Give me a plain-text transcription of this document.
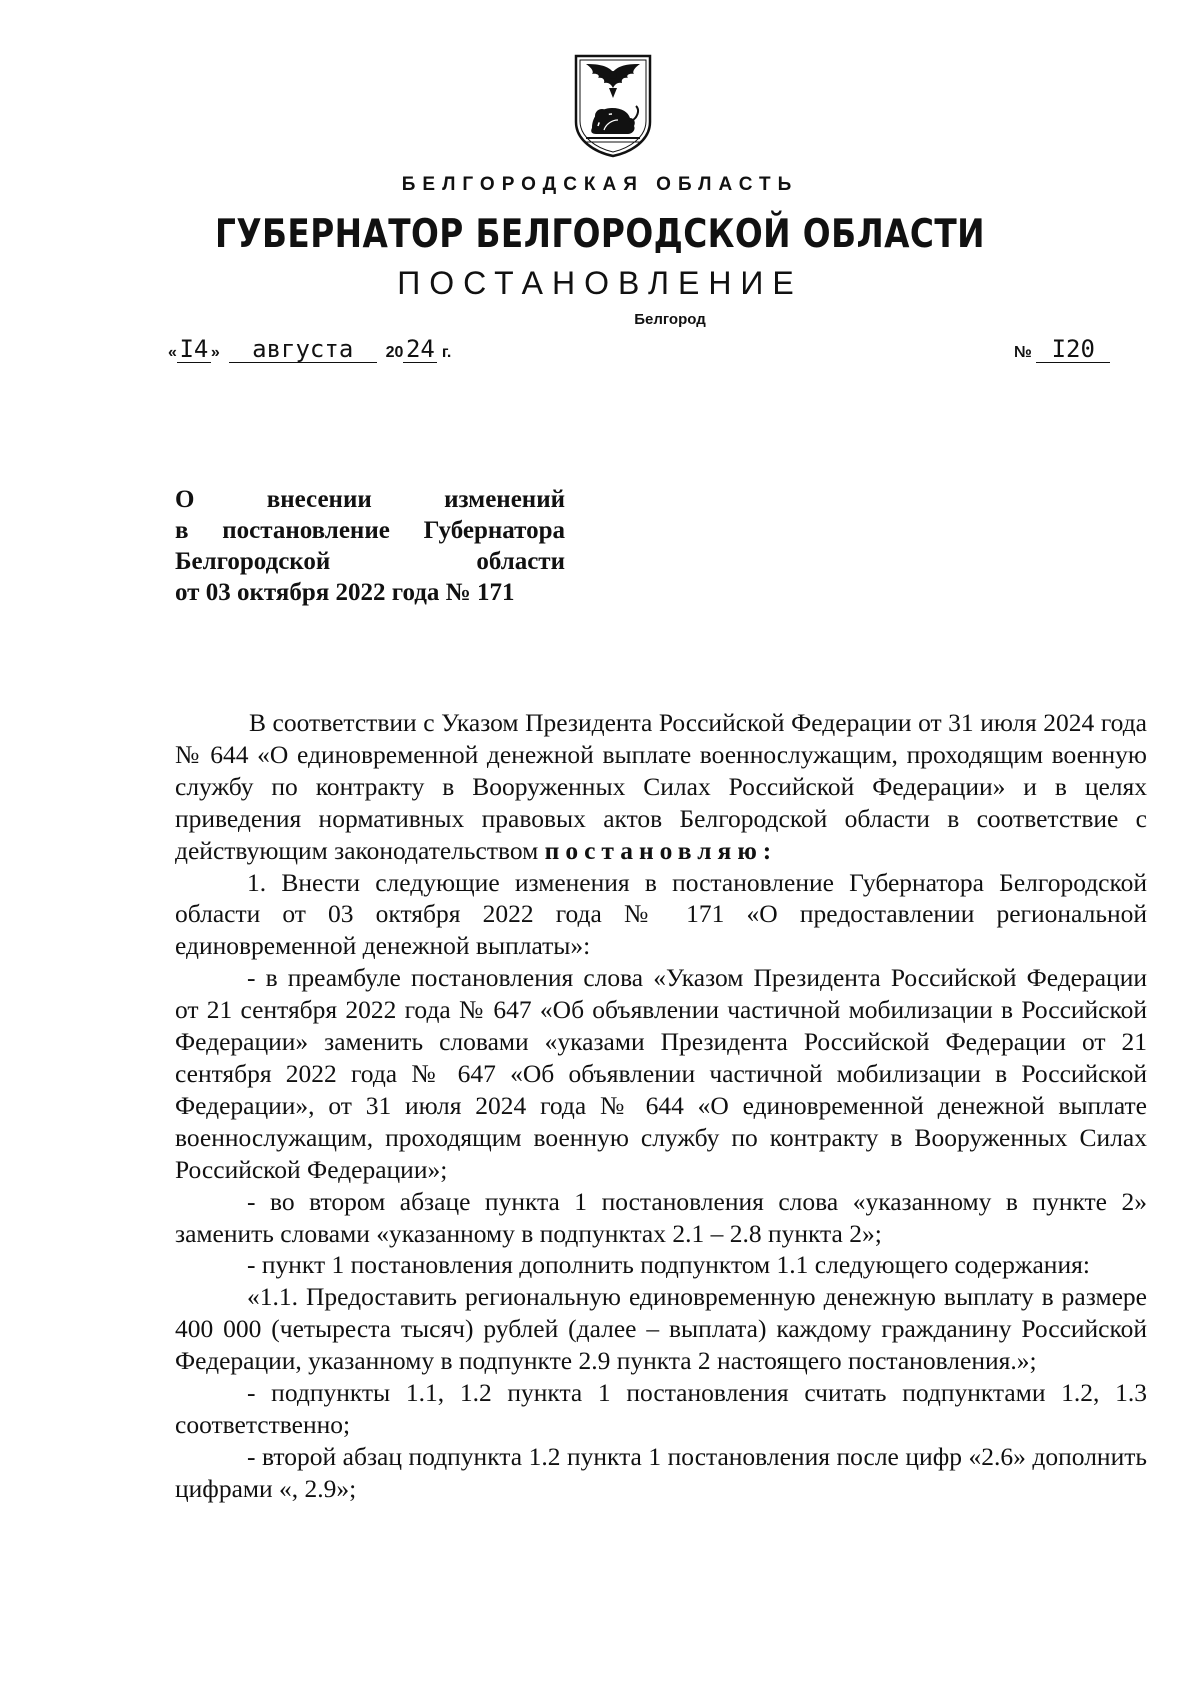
БЕЛГОРОДСКАЯ ОБЛАСТЬ
ГУБЕРНАТОР БЕЛГОРОДСКОЙ ОБЛАСТИ
ПОСТАНОВЛЕНИЕ
Белгород
« I4 » августа 20 24 г.	№ I20
О	внесении	изменений
в постановление Губернатора
Белгородской	области
от 03 октября 2022 года № 171

В соответствии с Указом Президента Российской Федерации от 31 июля 2024 года № 644 «О единовременной денежной выплате военнослужащим, проходящим военную службу по контракту в Вооруженных Силах Российской Федерации» и в целях приведения нормативных правовых актов Белгородской области в соответствие с действующим законодательством постановляю:

1. Внести следующие изменения в постановление Губернатора Белгородской области от 03 октября 2022 года № 171 «О предоставлении региональной единовременной денежной выплаты»:

- в преамбуле постановления слова «Указом Президента Российской Федерации от 21 сентября 2022 года № 647 «Об объявлении частичной мобилизации в Российской Федерации» заменить словами «указами Президента Российской Федерации от 21 сентября 2022 года № 647 «Об объявлении частичной мобилизации в Российской Федерации», от 31 июля 2024 года № 644 «О единовременной денежной выплате военнослужащим, проходящим военную службу по контракту в Вооруженных Силах Российской Федерации»;

- во втором абзаце пункта 1 постановления слова «указанному в пункте 2» заменить словами «указанному в подпунктах 2.1 – 2.8 пункта 2»;

- пункт 1 постановления дополнить подпунктом 1.1 следующего содержания:

«1.1. Предоставить региональную единовременную денежную выплату в размере 400 000 (четыреста тысяч) рублей (далее – выплата) каждому гражданину Российской Федерации, указанному в подпункте 2.9 пункта 2 настоящего постановления.»;

- подпункты 1.1, 1.2 пункта 1 постановления считать подпунктами 1.2, 1.3 соответственно;

- второй абзац подпункта 1.2 пункта 1 постановления после цифр «2.6» дополнить цифрами «, 2.9»;
